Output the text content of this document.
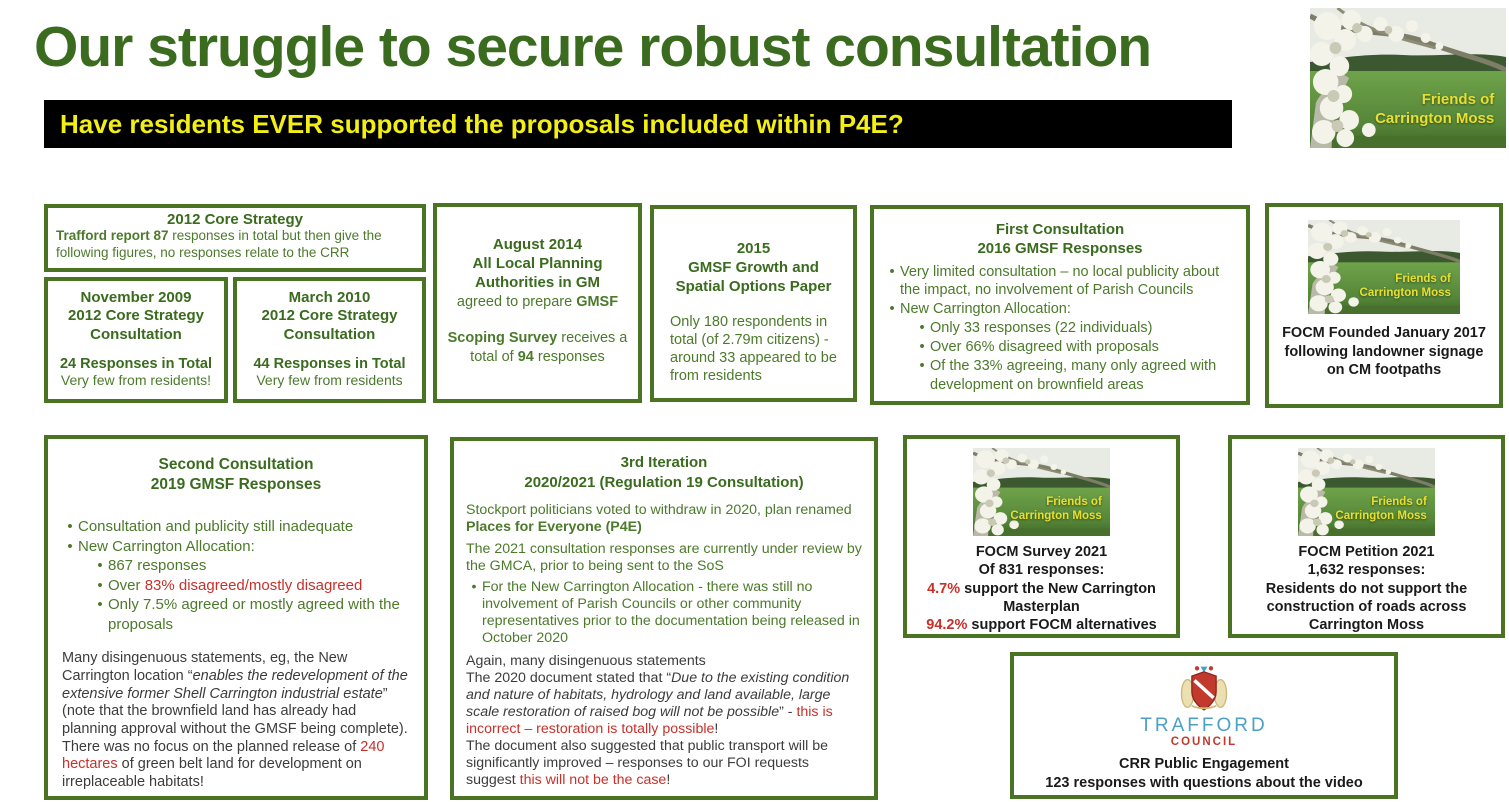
Our struggle to secure robust consultation
Have residents EVER supported the proposals included within P4E?
Friends of
Carrington Moss
2012 Core Strategy
Trafford report 87 responses in total but then give the following figures, no responses relate to the CRR
November 2009
2012 Core Strategy
Consultation
24 Responses in Total
Very few from residents!
March 2010
2012 Core Strategy
Consultation
44 Responses in Total
Very few from residents
August 2014
All Local Planning
Authorities in GM
agreed to prepare GMSF
Scoping Survey receives a total of 94 responses
2015
GMSF Growth and
Spatial Options Paper
Only 180 respondents in total (of 2.79m citizens) - around 33 appeared to be from residents
First Consultation
2016 GMSF Responses
• Very limited consultation – no local publicity about the impact, no involvement of Parish Councils
• New Carrington Allocation:
• Only 33 responses (22 individuals)
• Over 66% disagreed with proposals
• Of the 33% agreeing, many only agreed with development on brownfield areas
Friends of
Carrington Moss
FOCM Founded January 2017 following landowner signage on CM footpaths
Second Consultation
2019 GMSF Responses
• Consultation and publicity still inadequate
• New Carrington Allocation:
• 867 responses
• Over 83% disagreed/mostly disagreed
• Only 7.5% agreed or mostly agreed with the proposals
Many disingenuous statements, eg, the New Carrington location “enables the redevelopment of the extensive former Shell Carrington industrial estate” (note that the brownfield land has already had planning approval without the GMSF being complete). There was no focus on the planned release of 240 hectares of green belt land for development on irreplaceable habitats!
3rd Iteration
2020/2021 (Regulation 19 Consultation)

Stockport politicians voted to withdraw in 2020, plan renamed Places for Everyone (P4E)

The 2021 consultation responses are currently under review by the GMCA, prior to being sent to the SoS

• For the New Carrington Allocation - there was still no involvement of Parish Councils or other community representatives prior to the documentation being released in October 2020

Again, many disingenuous statements

The 2020 document stated that “Due to the existing condition and nature of habitats, hydrology and land available, large scale restoration of raised bog will not be possible” - this is incorrect – restoration is totally possible!

The document also suggested that public transport will be significantly improved – responses to our FOI requests suggest this will not be the case!

Friends of
Carrington Moss
FOCM Survey 2021
Of 831 responses:
4.7% support the New Carrington Masterplan
94.2% support FOCM alternatives
Friends of
Carrington Moss
FOCM Petition 2021
1,632 responses:
Residents do not support the construction of roads across Carrington Moss
TRAFFORD
COUNCIL
CRR Public Engagement
123 responses with questions about the video
